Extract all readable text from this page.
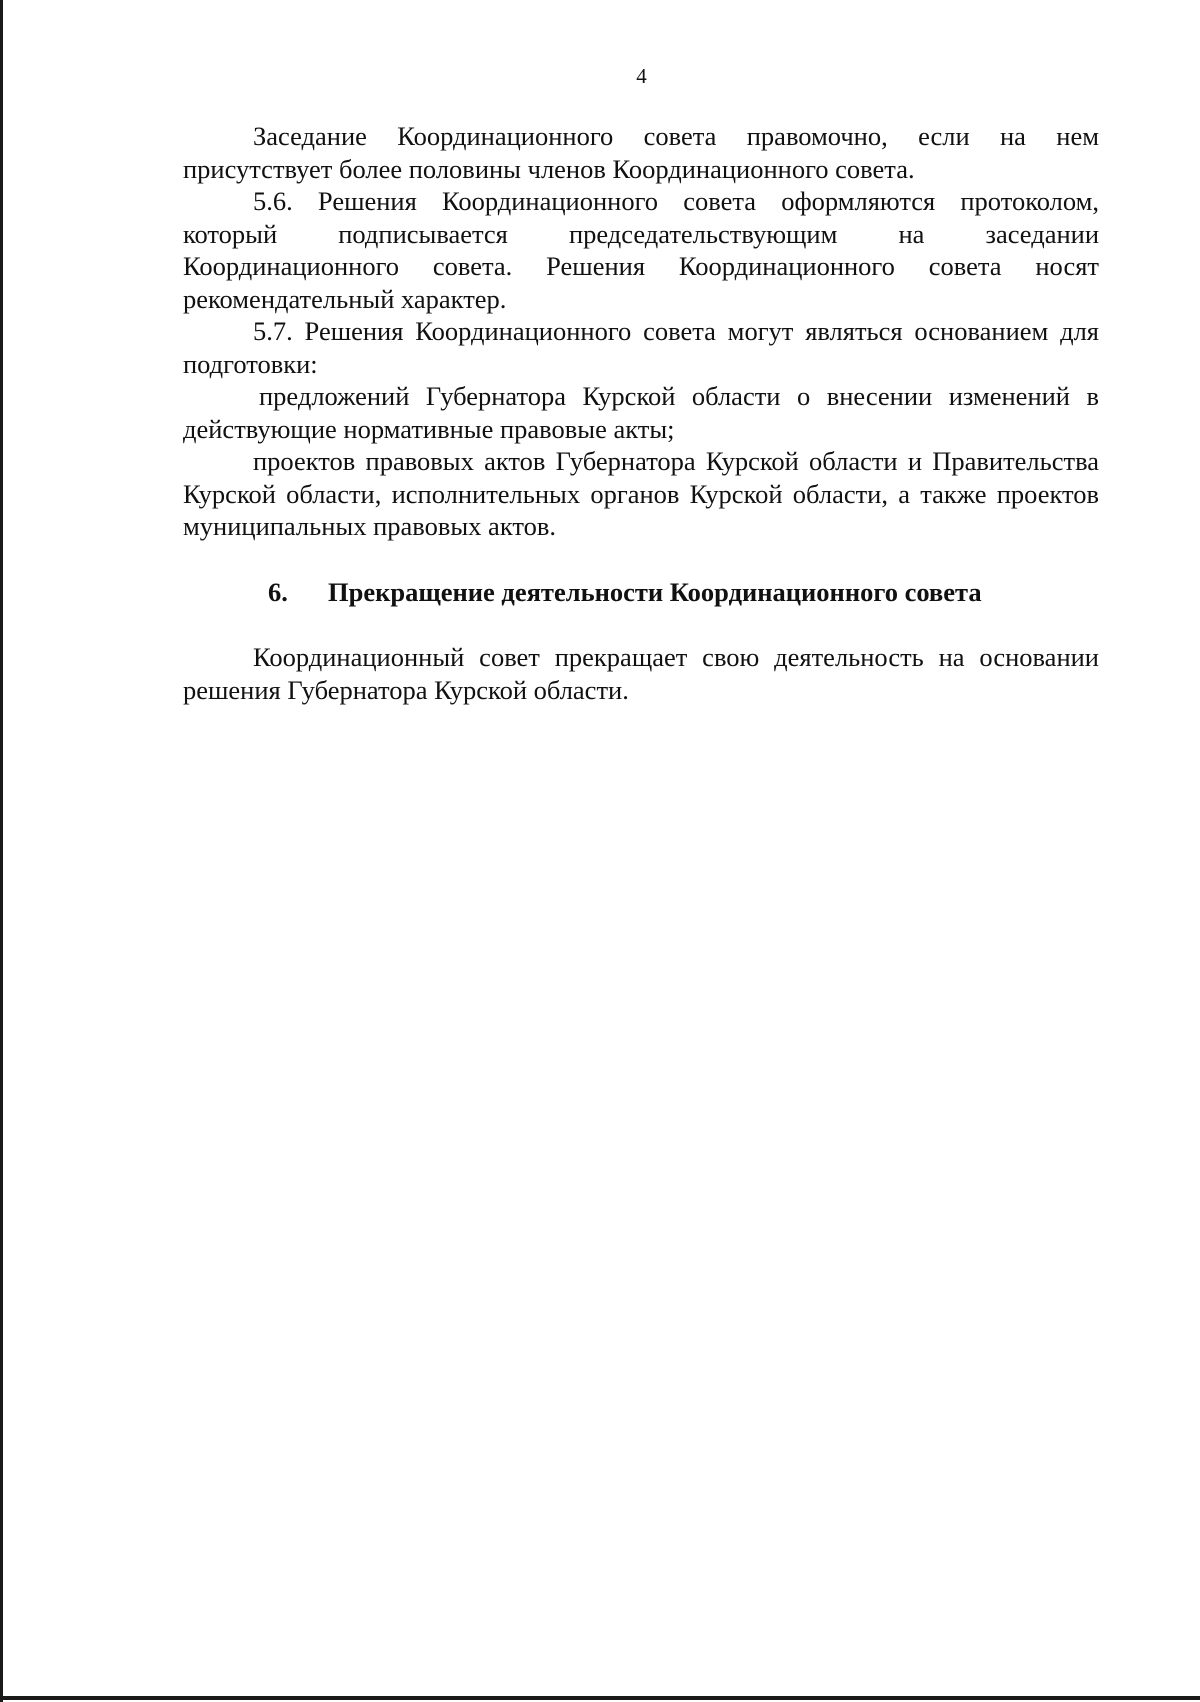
4

Заседание Координационного совета правомочно, если на нем присутствует более половины членов Координационного совета.

5.6. Решения Координационного совета оформляются протоколом, который подписывается председательствующим на заседании Координационного совета. Решения Координационного совета носят рекомендательный характер.

5.7. Решения Координационного совета могут являться основанием для подготовки:

предложений Губернатора Курской области о внесении изменений в действующие нормативные правовые акты;

проектов правовых актов Губернатора Курской области и Правительства Курской области, исполнительных органов Курской области, а также проектов муниципальных правовых актов.

6. Прекращение деятельности Координационного совета

Координационный совет прекращает свою деятельность на основании решения Губернатора Курской области.
